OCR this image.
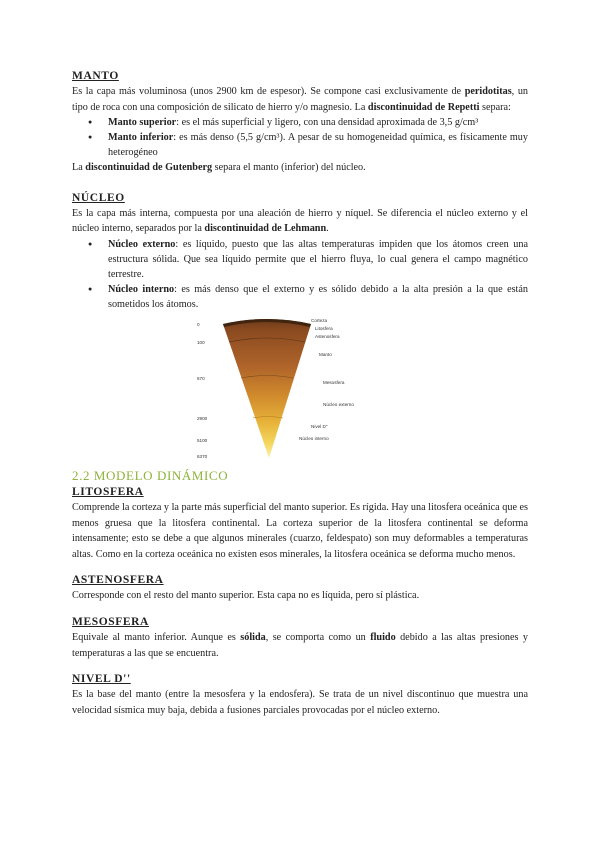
MANTO

Es la capa más voluminosa (unos 2900 km de espesor). Se compone casi exclusivamente de peridotitas, un tipo de roca con una composición de silicato de hierro y/o magnesio. La discontinuidad de Repetti separa:

● Manto superior: es el más superficial y ligero, con una densidad aproximada de 3,5 g/cm³
● Manto inferior: es más denso (5,5 g/cm³). A pesar de su homogeneidad química, es físicamente muy heterogéneo

La discontinuidad de Gutenberg separa el manto (inferior) del núcleo.

NÚCLEO

Es la capa más interna, compuesta por una aleación de hierro y níquel. Se diferencia el núcleo externo y el núcleo interno, separados por la discontinuidad de Lehmann.

● Núcleo externo: es líquido, puesto que las altas temperaturas impiden que los átomos creen una estructura sólida. Que sea líquido permite que el hierro fluya, lo cual genera el campo magnético terrestre.
● Núcleo interno: es más denso que el externo y es sólido debido a la alta presión a la que están sometidos los átomos.
Corteza
Litosfera
Astenosfera
Manto
Mesosfera
Núcleo externo
Nivel D''
Núcleo interno
0
100
670
2900
5100
6370
2.2 MODELO DINÁMICO
LITOSFERA

Comprende la corteza y la parte más superficial del manto superior. Es rígida. Hay una litosfera oceánica que es menos gruesa que la litosfera continental. La corteza superior de la litosfera continental se deforma intensamente; esto se debe a que algunos minerales (cuarzo, feldespato) son muy deformables a temperaturas altas. Como en la corteza oceánica no existen esos minerales, la litosfera oceánica se deforma mucho menos.

ASTENOSFERA

Corresponde con el resto del manto superior. Esta capa no es líquida, pero sí plástica.

MESOSFERA

Equivale al manto inferior. Aunque es sólida, se comporta como un fluido debido a las altas presiones y temperaturas a las que se encuentra.

NIVEL D''

Es la base del manto (entre la mesosfera y la endosfera). Se trata de un nivel discontinuo que muestra una velocidad sísmica muy baja, debida a fusiones parciales provocadas por el núcleo externo.
